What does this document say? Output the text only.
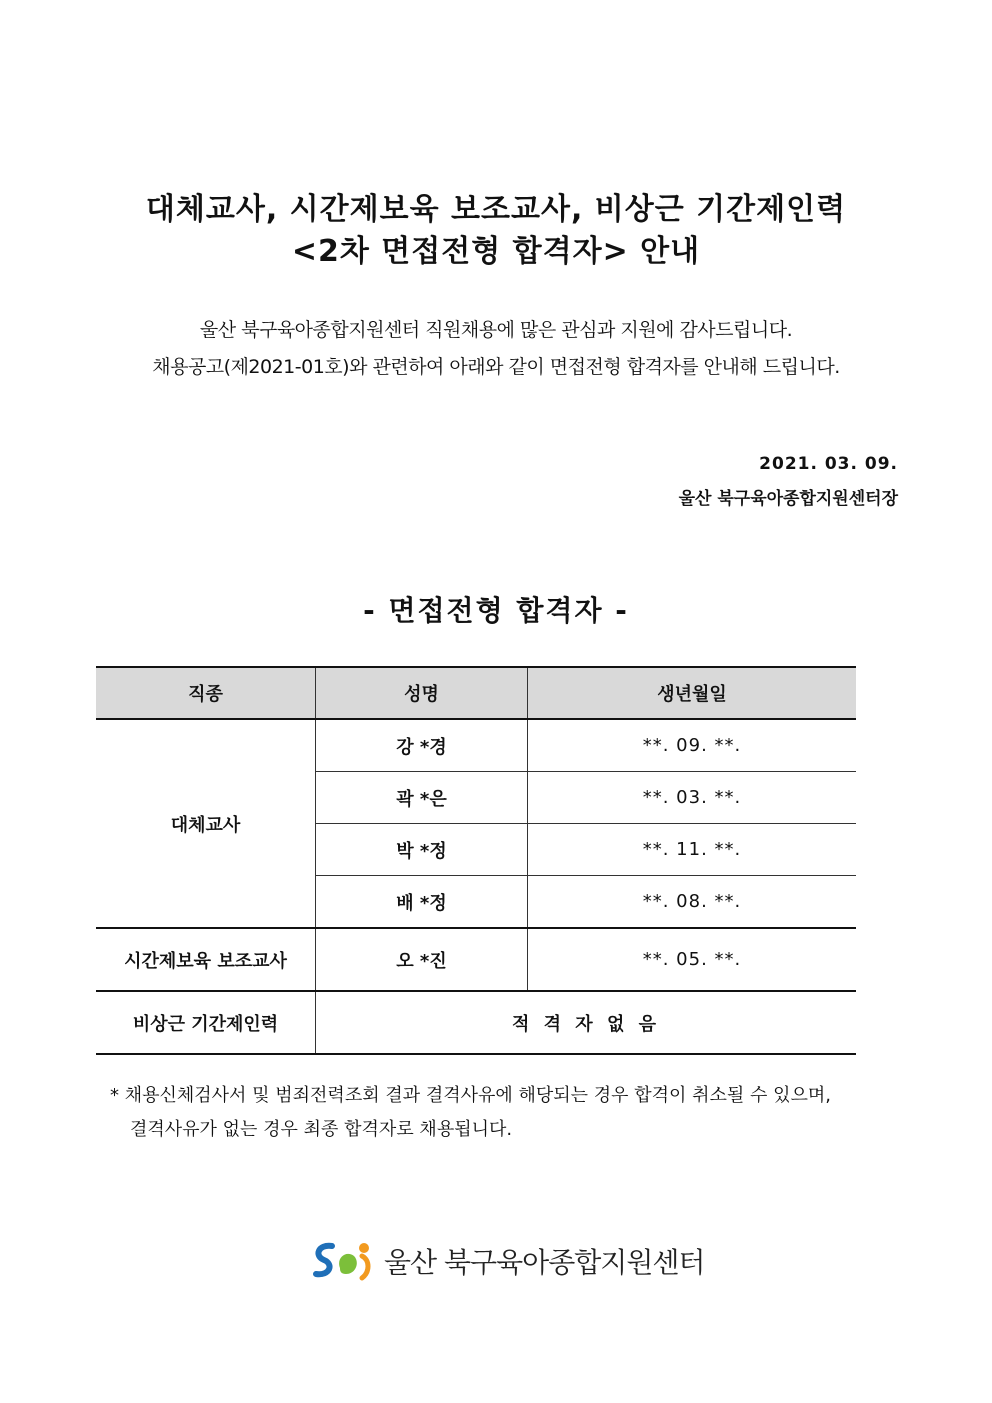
대체교사, 시간제보육 보조교사, 비상근 기간제인력

<2차 면접전형 합격자> 안내

울산 북구육아종합지원센터 직원채용에 많은 관심과 지원에 감사드립니다.

채용공고(제2021-01호)와 관련하여 아래와 같이 면접전형 합격자를 안내해 드립니다.

2021. 03. 09.

울산 북구육아종합지원센터장

- 면접전형 합격자 -

직종	성명	생년월일
대체교사	강 *경	**. 09. **.
	곽 *은	**. 03. **.
	박 *정	**. 11. **.
	배 *정	**. 08. **.
시간제보육 보조교사	오 *진	**. 05. **.
비상근 기간제인력	적 격 자 없 음	

* 채용신체검사서 및 범죄전력조회 결과 결격사유에 해당되는 경우 합격이 취소될 수 있으며,
결격사유가 없는 경우 최종 합격자로 채용됩니다.

울산 북구육아종합지원센터
